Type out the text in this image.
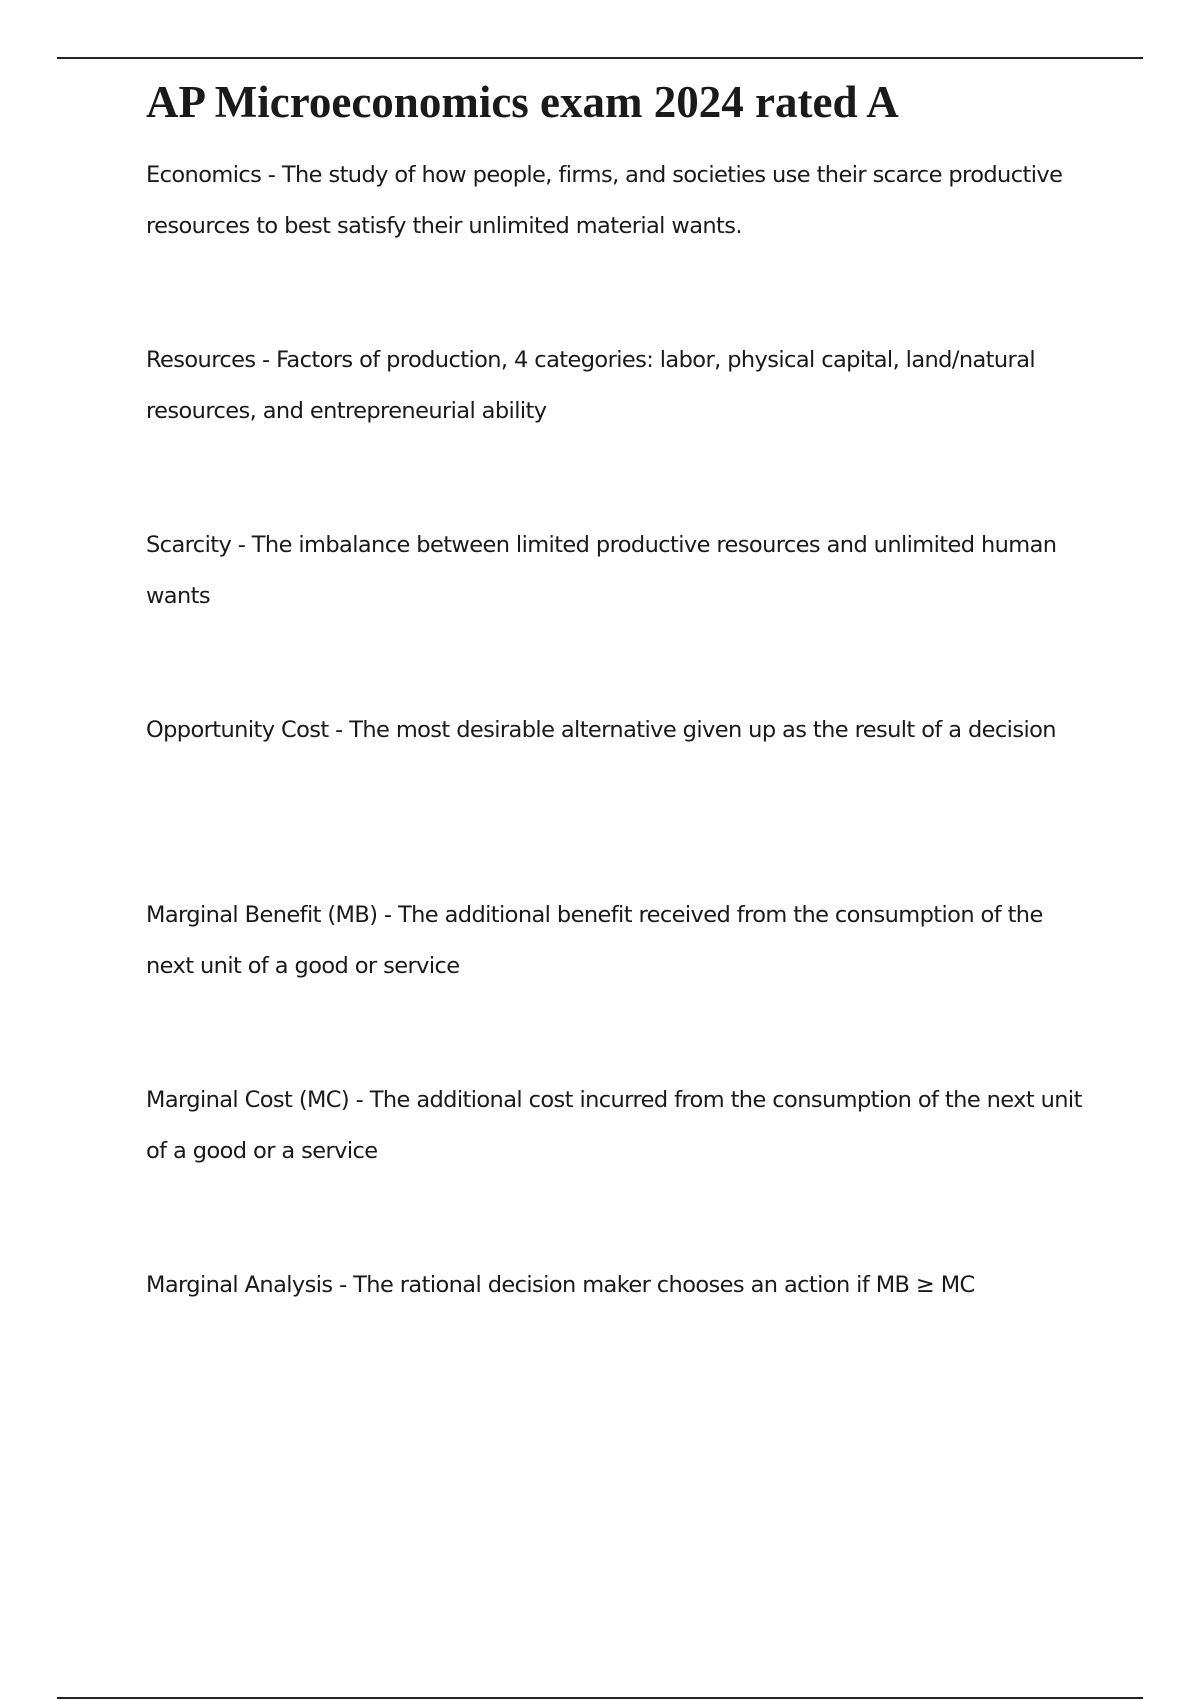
AP Microeconomics exam 2024 rated A

Economics - The study of how people, firms, and societies use their scarce productive resources to best satisfy their unlimited material wants.

Resources - Factors of production, 4 categories: labor, physical capital, land/natural resources, and entrepreneurial ability

Scarcity - The imbalance between limited productive resources and unlimited human wants

Opportunity Cost - The most desirable alternative given up as the result of a decision

Marginal Benefit (MB) - The additional benefit received from the consumption of the next unit of a good or service

Marginal Cost (MC) - The additional cost incurred from the consumption of the next unit of a good or a service

Marginal Analysis - The rational decision maker chooses an action if MB ≥ MC
